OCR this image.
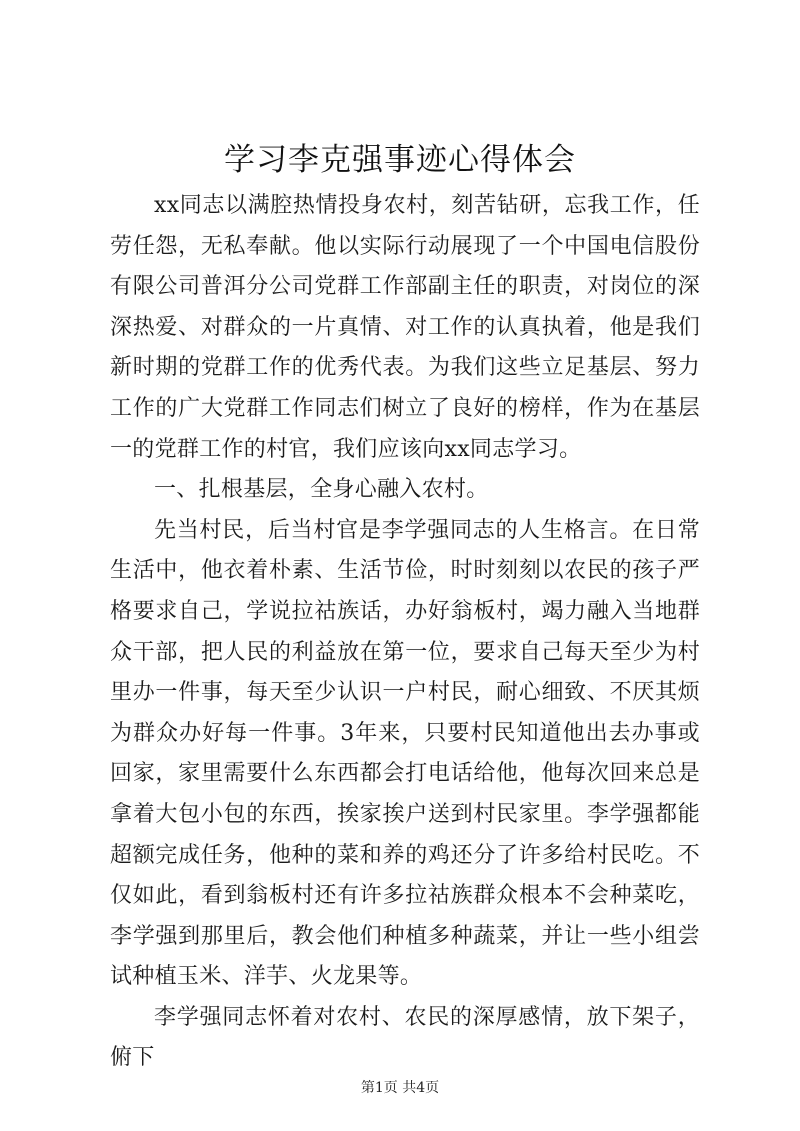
学习李克强事迹心得体会

xx同志以满腔热情投身农村，刻苦钻研，忘我工作，任劳任怨，无私奉献。他以实际行动展现了一个中国电信股份有限公司普洱分公司党群工作部副主任的职责，对岗位的深深热爱、对群众的一片真情、对工作的认真执着，他是我们新时期的党群工作的优秀代表。为我们这些立足基层、努力工作的广大党群工作同志们树立了良好的榜样，作为在基层一的党群工作的村官，我们应该向xx同志学习。

一、扎根基层，全身心融入农村。

先当村民，后当村官是李学强同志的人生格言。在日常生活中，他衣着朴素、生活节俭，时时刻刻以农民的孩子严格要求自己，学说拉祜族话，办好翁板村，竭力融入当地群众干部，把人民的利益放在第一位，要求自己每天至少为村里办一件事，每天至少认识一户村民，耐心细致、不厌其烦为群众办好每一件事。3年来，只要村民知道他出去办事或回家，家里需要什么东西都会打电话给他，他每次回来总是拿着大包小包的东西，挨家挨户送到村民家里。李学强都能超额完成任务，他种的菜和养的鸡还分了许多给村民吃。不仅如此，看到翁板村还有许多拉祜族群众根本不会种菜吃，李学强到那里后，教会他们种植多种蔬菜，并让一些小组尝试种植玉米、洋芋、火龙果等。

李学强同志怀着对农村、农民的深厚感情，放下架子，俯下

第1页 共4页
